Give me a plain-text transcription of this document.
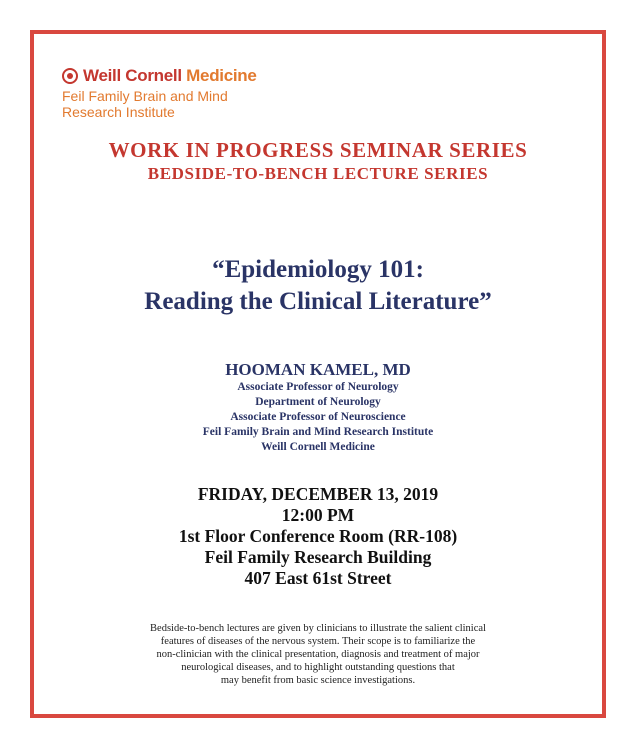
Weill Cornell Medicine
Feil Family Brain and Mind
Research Institute
WORK IN PROGRESS SEMINAR SERIES
BEDSIDE-TO-BENCH LECTURE SERIES
“Epidemiology 101:
Reading the Clinical Literature”
HOOMAN KAMEL, MD
Associate Professor of Neurology
Department of Neurology
Associate Professor of Neuroscience
Feil Family Brain and Mind Research Institute
Weill Cornell Medicine
FRIDAY, DECEMBER 13, 2019
12:00 PM
1st Floor Conference Room (RR-108)
Feil Family Research Building
407 East 61st Street
Bedside-to-bench lectures are given by clinicians to illustrate the salient clinical
features of diseases of the nervous system. Their scope is to familiarize the
non-clinician with the clinical presentation, diagnosis and treatment of major
neurological diseases, and to highlight outstanding questions that
may benefit from basic science investigations.
